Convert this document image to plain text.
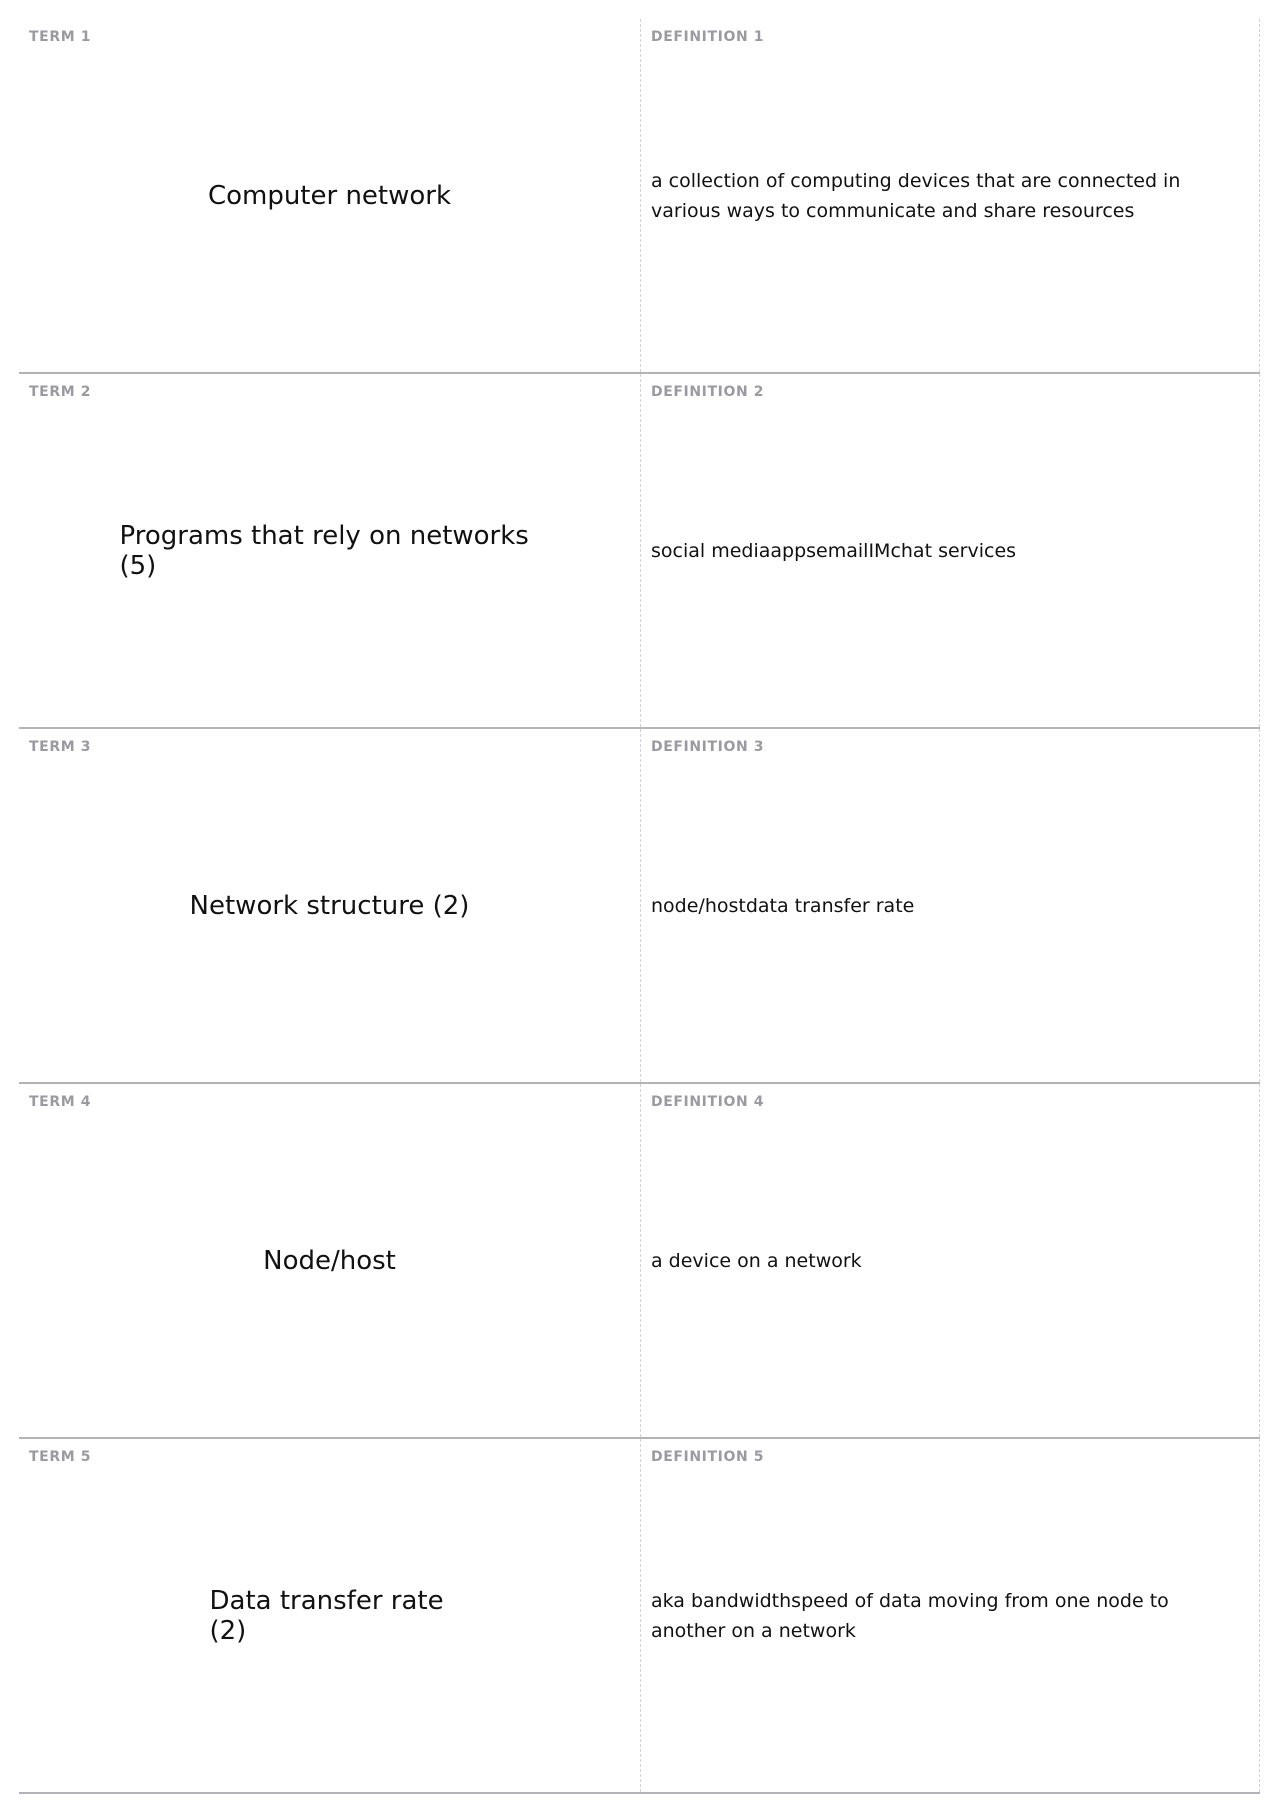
TERM 1
Computer network
DEFINITION 1
a collection of computing devices that are connected in various ways to communicate and share resources
TERM 2
Programs that rely on networks (5)
DEFINITION 2
social mediaappsemailIMchat services
TERM 3
Network structure (2)
DEFINITION 3
node/hostdata transfer rate
TERM 4
Node/host
DEFINITION 4
a device on a network
TERM 5
Data transfer rate (2)
DEFINITION 5
aka bandwidthspeed of data moving from one node to another on a network
